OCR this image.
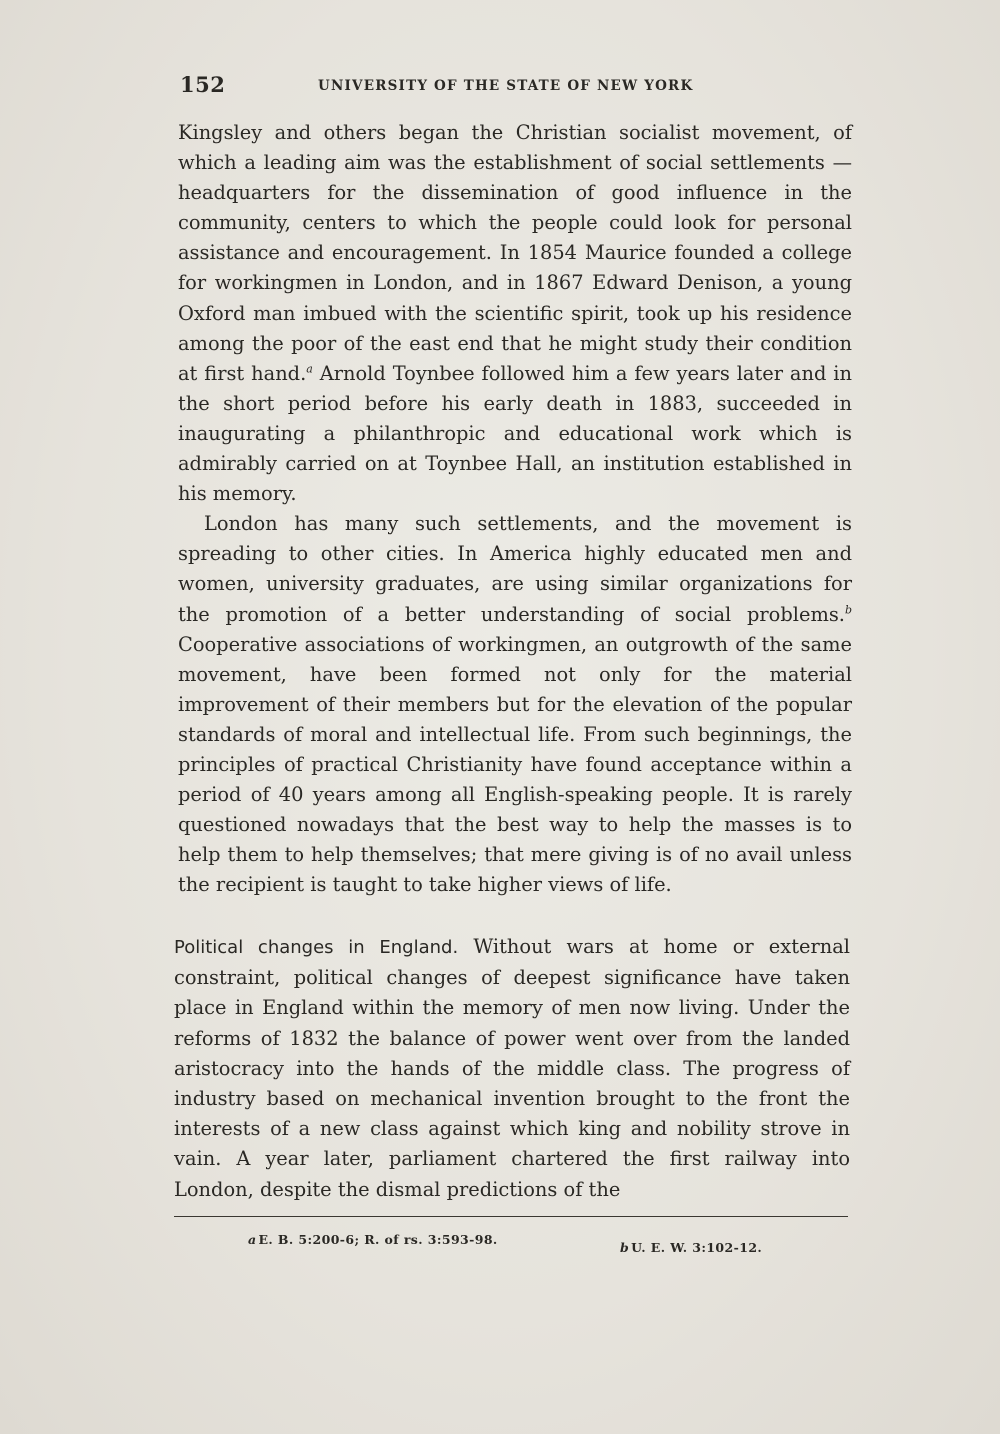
152	UNIVERSITY OF THE STATE OF NEW YORK

Kingsley and others began the Christian socialist movement, of which a leading aim was the establishment of social settlements — headquarters for the dissemination of good influence in the community, centers to which the people could look for personal assistance and encouragement. In 1854 Maurice founded a college for workingmen in London, and in 1867 Edward Denison, a young Oxford man imbued with the scientific spirit, took up his residence among the poor of the east end that he might study their condition at first hand.$^a$ Arnold Toynbee followed him a few years later and in the short period before his early death in 1883, succeeded in inaugurating a philanthropic and educational work which is admirably carried on at Toynbee Hall, an institution established in his memory.

London has many such settlements, and the movement is spreading to other cities. In America highly educated men and women, university graduates, are using similar organizations for the promotion of a better understanding of social problems.$^b$ Cooperative associations of workingmen, an outgrowth of the same movement, have been formed not only for the material improvement of their members but for the elevation of the popular standards of moral and intellectual life. From such beginnings, the principles of practical Christianity have found acceptance within a period of 40 years among all English-speaking people. It is rarely questioned nowadays that the best way to help the masses is to help them to help themselves; that mere giving is of no avail unless the recipient is taught to take higher views of life.

Political changes in England. Without wars at home or external constraint, political changes of deepest significance have taken place in England within the memory of men now living. Under the reforms of 1832 the balance of power went over from the landed aristocracy into the hands of the middle class. The progress of industry based on mechanical invention brought to the front the interests of a new class against which king and nobility strove in vain. A year later, parliament chartered the first railway into London, despite the dismal predictions of the

a E. B. 5:200-6; R. of rs. 3:593-98.
b U. E. W. 3:102-12.
